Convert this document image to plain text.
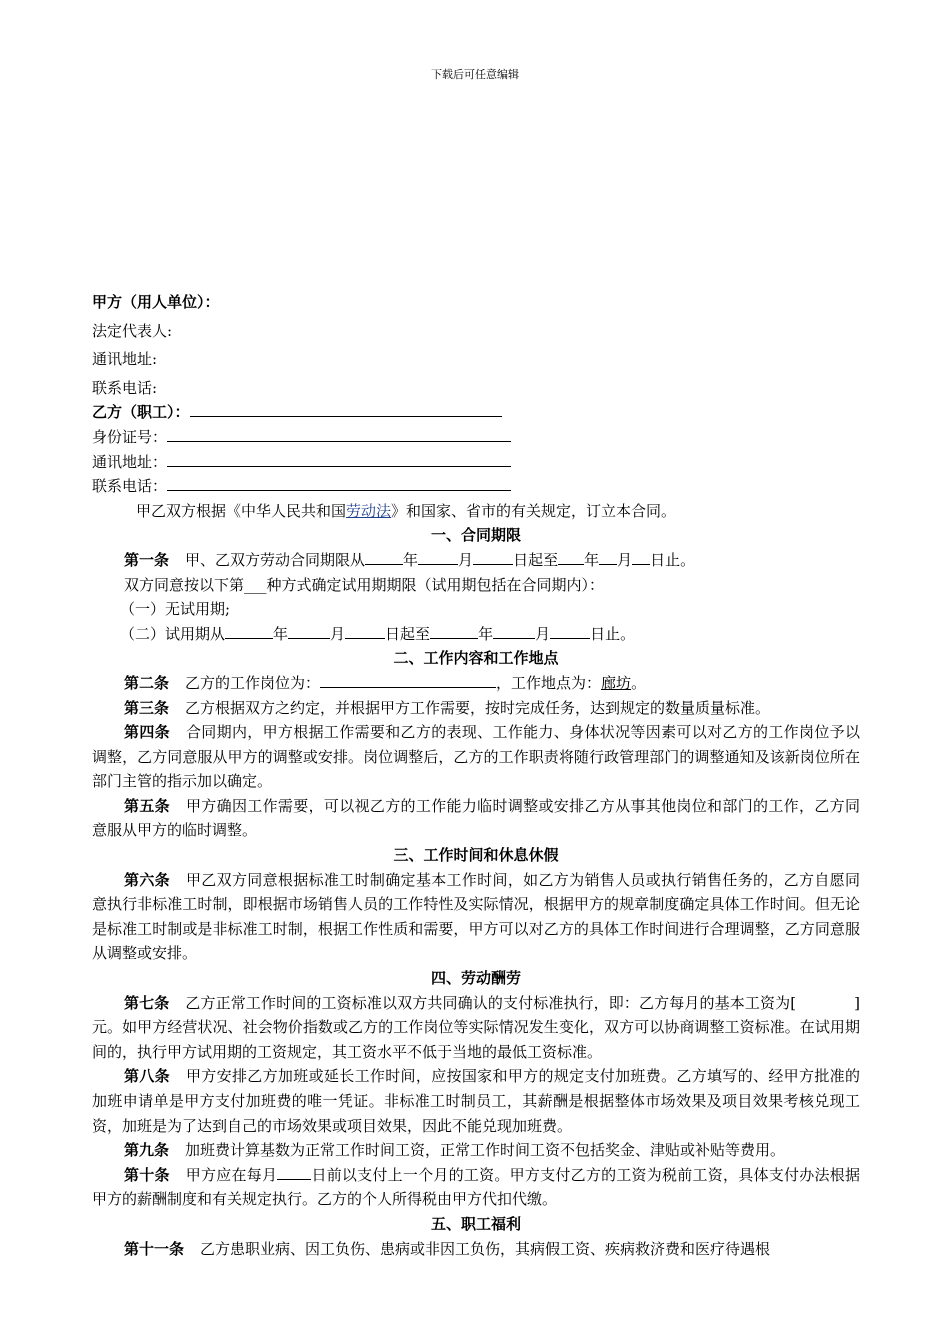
下载后可任意编辑
甲方（用人单位）：
法定代表人:
通讯地址:
联系电话:
乙方（职工）：
身份证号：
通讯地址：
联系电话：
甲乙双方根据《中华人民共和国劳动法》和国家、省市的有关规定，订立本合同。
一、合同期限
第一条 甲、乙双方劳动合同期限从	年	月	日起至 年 月 日止。
双方同意按以下第___种方式确定试用期期限（试用期包括在合同期内）：
（一）无试用期;
（二）试用期从	年	月	日起至	年	月	日止。
二、工作内容和工作地点
第二条 乙方的工作岗位为：	，工作地点为：廊坊。
第三条 乙方根据双方之约定，并根据甲方工作需要，按时完成任务，达到规定的数量质量标准。
第四条 合同期内，甲方根据工作需要和乙方的表现、工作能力、身体状况等因素可以对乙方的工作岗位予以调整，乙方同意服从甲方的调整或安排。岗位调整后，乙方的工作职责将随行政管理部门的调整通知及该新岗位所在部门主管的指示加以确定。
第五条 甲方确因工作需要，可以视乙方的工作能力临时调整或安排乙方从事其他岗位和部门的工作，乙方同意服从甲方的临时调整。
三、工作时间和休息休假
第六条 甲乙双方同意根据标准工时制确定基本工作时间，如乙方为销售人员或执行销售任务的，乙方自愿同意执行非标准工时制，即根据市场销售人员的工作特性及实际情况，根据甲方的规章制度确定具体工作时间。但无论是标准工时制或是非标准工时制，根据工作性质和需要，甲方可以对乙方的具体工作时间进行合理调整，乙方同意服从调整或安排。
四、劳动酬劳
第七条 乙方正常工作时间的工资标准以双方共同确认的支付标准执行，即：乙方每月的基本工资为[	]元。如甲方经营状况、社会物价指数或乙方的工作岗位等实际情况发生变化，双方可以协商调整工资标准。在试用期间的，执行甲方试用期的工资规定，其工资水平不低于当地的最低工资标准。
第八条 甲方安排乙方加班或延长工作时间，应按国家和甲方的规定支付加班费。乙方填写的、经甲方批准的加班申请单是甲方支付加班费的唯一凭证。非标准工时制员工，其薪酬是根据整体市场效果及项目效果考核兑现工资，加班是为了达到自己的市场效果或项目效果，因此不能兑现加班费。
第九条 加班费计算基数为正常工作时间工资，正常工作时间工资不包括奖金、津贴或补贴等费用。
第十条 甲方应在每月 日前以支付上一个月的工资。甲方支付乙方的工资为税前工资，具体支付办法根据甲方的薪酬制度和有关规定执行。乙方的个人所得税由甲方代扣代缴。
五、职工福利
第十一条 乙方患职业病、因工负伤、患病或非因工负伤，其病假工资、疾病救济费和医疗待遇根
